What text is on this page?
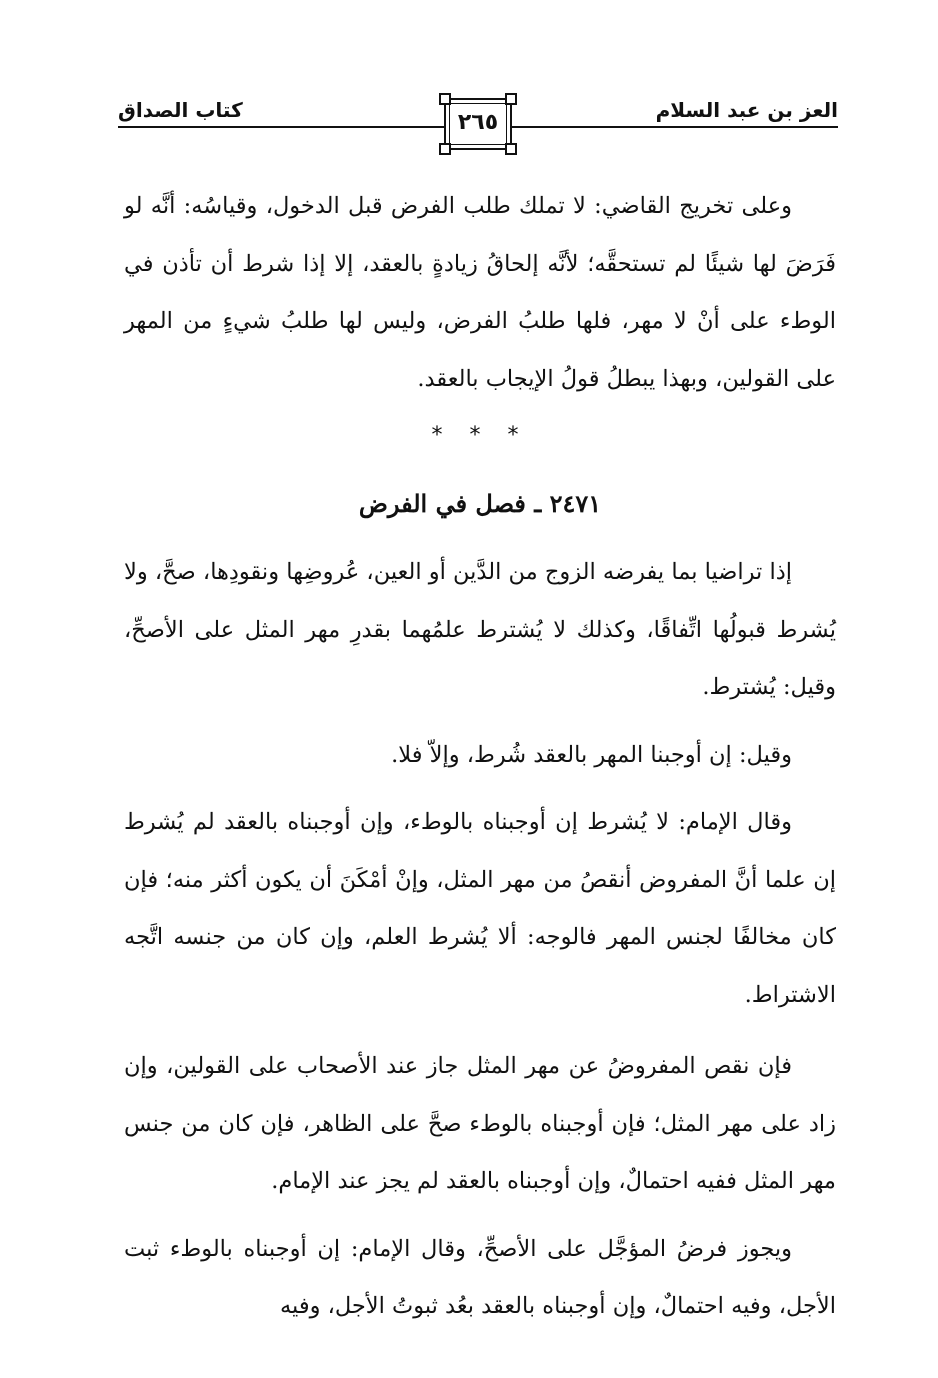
العز بن عبد السلام
كتاب الصداق	٢٦٥

وعلى تخريج القاضي: لا تملك طلب الفرض قبل الدخول، وقياسُه: أنَّه لو فَرَضَ لها شيئًا لم تستحقَّه؛ لأنَّه إلحاقُ زيادةٍ بالعقد، إلا إذا شرط أن تأذن في الوطء على أنْ لا مهر، فلها طلبُ الفرض، وليس لها طلبُ شيءٍ من المهر على القولين، وبهذا يبطلُ قولُ الإيجاب بالعقد.

* * *
٢٤٧١ ـ فصل في الفرض

إذا تراضيا بما يفرضه الزوج من الدَّين أو العين، عُروضِها ونقودِها، صحَّ، ولا يُشرط قبولُها اتِّفاقًا، وكذلك لا يُشترط علمُهما بقدرِ مهر المثل على الأصحِّ، وقيل: يُشترط.

وقيل: إن أوجبنا المهر بالعقد شُرط، وإلاّ فلا.

وقال الإمام: لا يُشرط إن أوجبناه بالوطء، وإن أوجبناه بالعقد لم يُشرط إن علما أنَّ المفروض أنقصُ من مهر المثل، وإنْ أمْكَنَ أن يكون أكثر منه؛ فإن كان مخالفًا لجنس المهر فالوجه: ألا يُشرط العلم، وإن كان من جنسه اتَّجه الاشتراط.

فإن نقص المفروضُ عن مهر المثل جاز عند الأصحاب على القولين، وإن زاد على مهر المثل؛ فإن أوجبناه بالوطء صحَّ على الظاهر، فإن كان من جنس مهر المثل ففيه احتمالٌ، وإن أوجبناه بالعقد لم يجز عند الإمام.

ويجوز فرضُ المؤجَّل على الأصحِّ، وقال الإمام: إن أوجبناه بالوطء ثبت الأجل، وفيه احتمالٌ، وإن أوجبناه بالعقد بعُد ثبوتُ الأجل، وفيه
